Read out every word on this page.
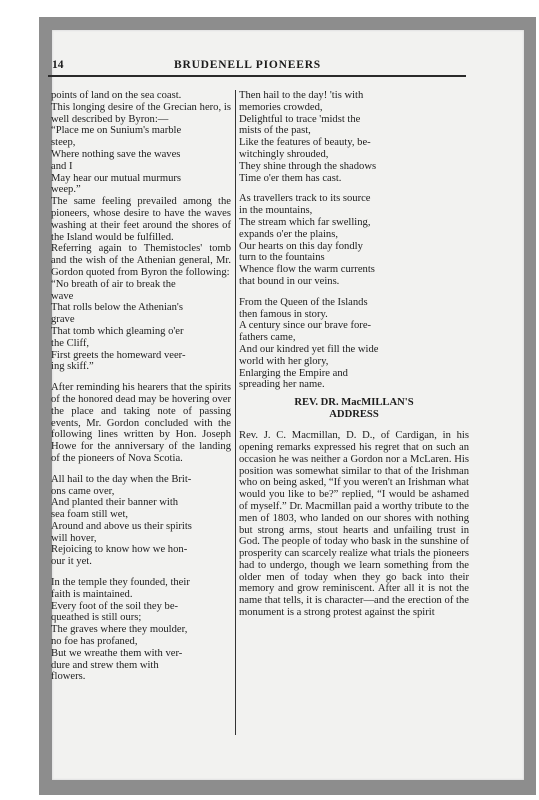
14	BRUDENELL PIONEERS

points of land on the sea coast.
This longing desire of the Grecian hero, is well described by Byron:—

“Place me on Sunium's marble
steep,
Where nothing save the waves
and I
May hear our mutual murmurs
weep.”

The same feeling prevailed among the pioneers, whose desire to have the waves washing at their feet around the shores of the Island would be fulfilled.
Referring again to Themistocles' tomb and the wish of the Athenian general, Mr. Gordon quoted from Byron the following:

“No breath of air to break the
wave
That rolls below the Athenian's
grave
That tomb which gleaming o'er
the Cliff,
First greets the homeward veer-
ing skiff.”

After reminding his hearers that the spirits of the honored dead may be hovering over the place and taking note of passing events, Mr. Gordon concluded with the following lines written by Hon. Joseph Howe for the anniversary of the landing of the pioneers of Nova Scotia.

All hail to the day when the Brit-
ons came over,
And planted their banner with
sea foam still wet,
Around and above us their spirits
will hover,
Rejoicing to know how we hon-
our it yet.

In the temple they founded, their
faith is maintained.
Every foot of the soil they be-
queathed is still ours;
The graves where they moulder,
no foe has profaned,
But we wreathe them with ver-
dure and strew them with
flowers.

Then hail to the day! 'tis with
memories crowded,
Delightful to trace 'midst the
mists of the past,
Like the features of beauty, be-
witchingly shrouded,
They shine through the shadows
Time o'er them has cast.

As travellers track to its source
in the mountains,
The stream which far swelling,
expands o'er the plains,
Our hearts on this day fondly
turn to the fountains
Whence flow the warm currents
that bound in our veins.

From the Queen of the Islands
then famous in story.
A century since our brave fore-
fathers came,
And our kindred yet fill the wide
world with her glory,
Enlarging the Empire and
spreading her name.

REV. DR. MacMILLAN'S
ADDRESS

Rev. J. C. Macmillan, D. D., of Cardigan, in his opening remarks expressed his regret that on such an occasion he was neither a Gordon nor a McLaren. His position was somewhat similar to that of the Irishman who on being asked, “If you weren't an Irishman what would you like to be?” replied, “I would be ashamed of myself.” Dr. Macmillan paid a worthy tribute to the men of 1803, who landed on our shores with nothing but strong arms, stout hearts and unfailing trust in God. The people of today who bask in the sunshine of prosperity can scarcely realize what trials the pioneers had to undergo, though we learn something from the older men of today when they go back into their memory and grow reminiscent. After all it is not the name that tells, it is character—and the erection of the monument is a strong protest against the spirit
